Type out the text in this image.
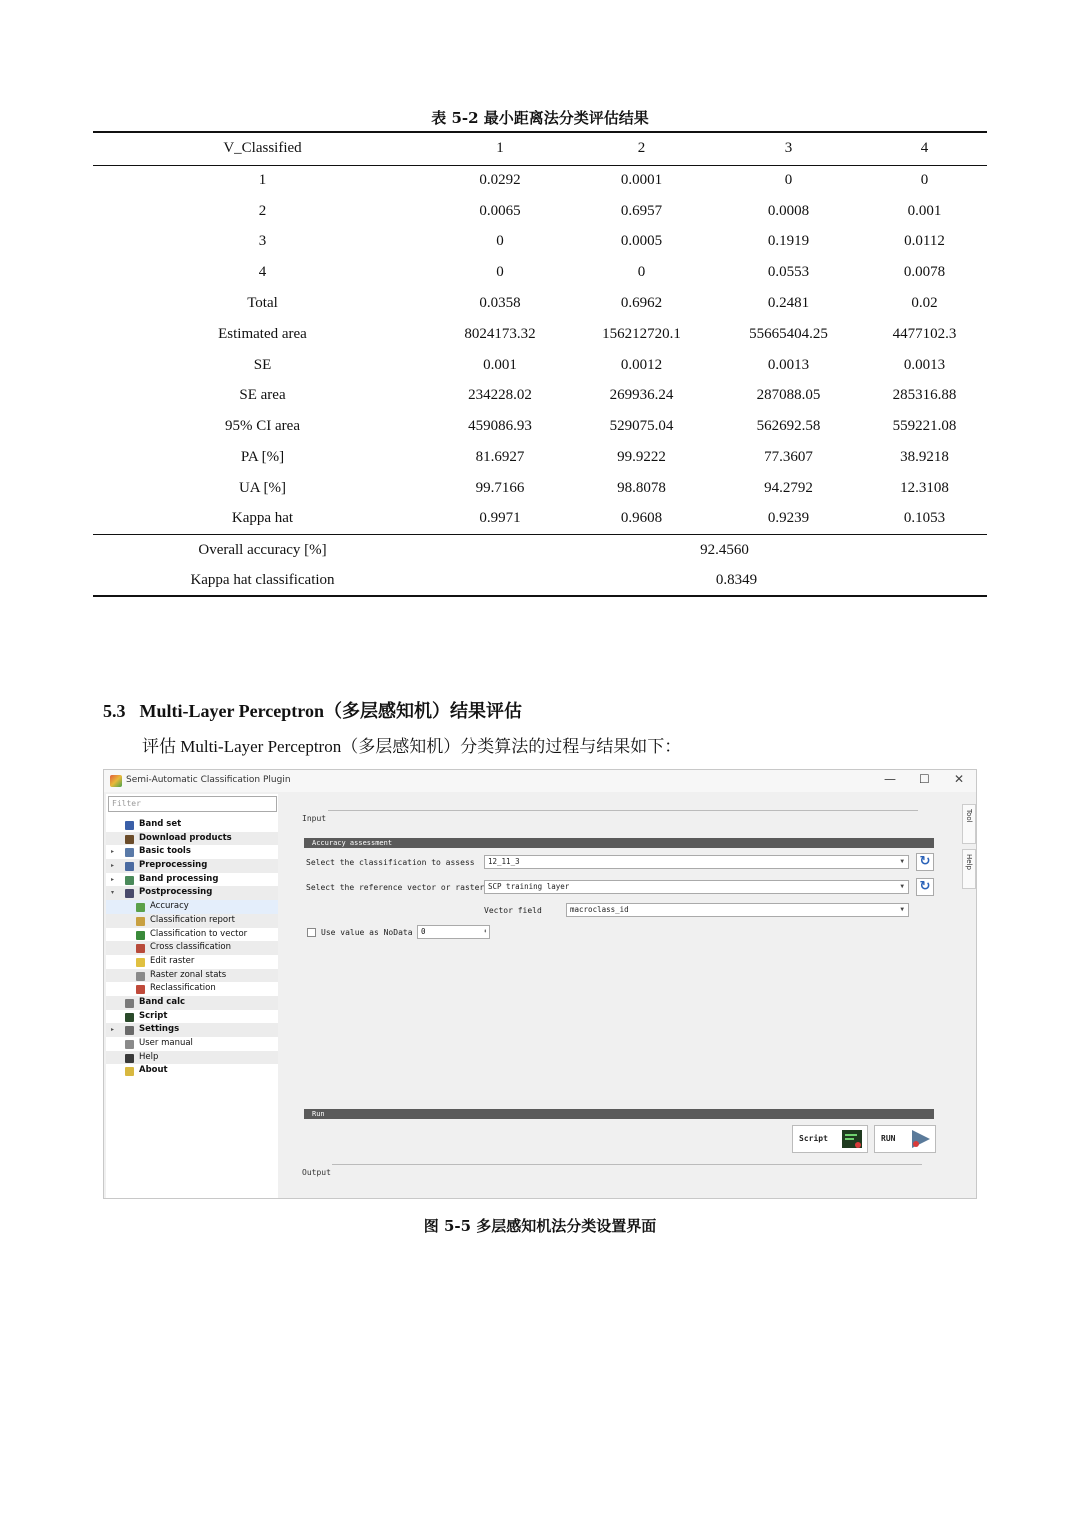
表 5-2 最小距离法分类评估结果
V_Classified	1	2	3	4
1	0.0292	0.0001	0	0
2	0.0065	0.6957	0.0008	0.001
3	0	0.0005	0.1919	0.0112
4	0	0	0.0553	0.0078
Total	0.0358	0.6962	0.2481	0.02
Estimated area	8024173.32	156212720.1	55665404.25	4477102.3
SE	0.001	0.0012	0.0013	0.0013
SE area	234228.02	269936.24	287088.05	285316.88
95% CI area	459086.93	529075.04	562692.58	559221.08
PA [%]	81.6927	99.9222	77.3607	38.9218
UA [%]	99.7166	98.8078	94.2792	12.3108
Kappa hat	0.9971	0.9608	0.9239	0.1053
Overall accuracy [%]	92.4560			
Kappa hat classification	0.8349			
5.3 Multi-Layer Perceptron（多层感知机）结果评估
评估 Multi-Layer Perceptron（多层感知机）分类算法的过程与结果如下：
Semi-Automatic Classification Plugin	— ☐ ✕
Filter
Band set
Download products
▸	Basic tools
▸	Preprocessing
▸	Band processing
▾	Postprocessing
Accuracy
Classification report
Classification to vector
Cross classification
Edit raster
Raster zonal stats
Reclassification
Band calc
Script
▸	Settings
User manual
Help
About
Input
Accuracy assessment
Select the classification to assess	12_11_3	▼ ↻
Select the reference vector or raster SCP training layer	▼ ↻
Vector field	macroclass_id	▼
Use value as NoData	0	⬍
Run
Script	RUN
Output
Tool
Help
图 5-5 多层感知机法分类设置界面
